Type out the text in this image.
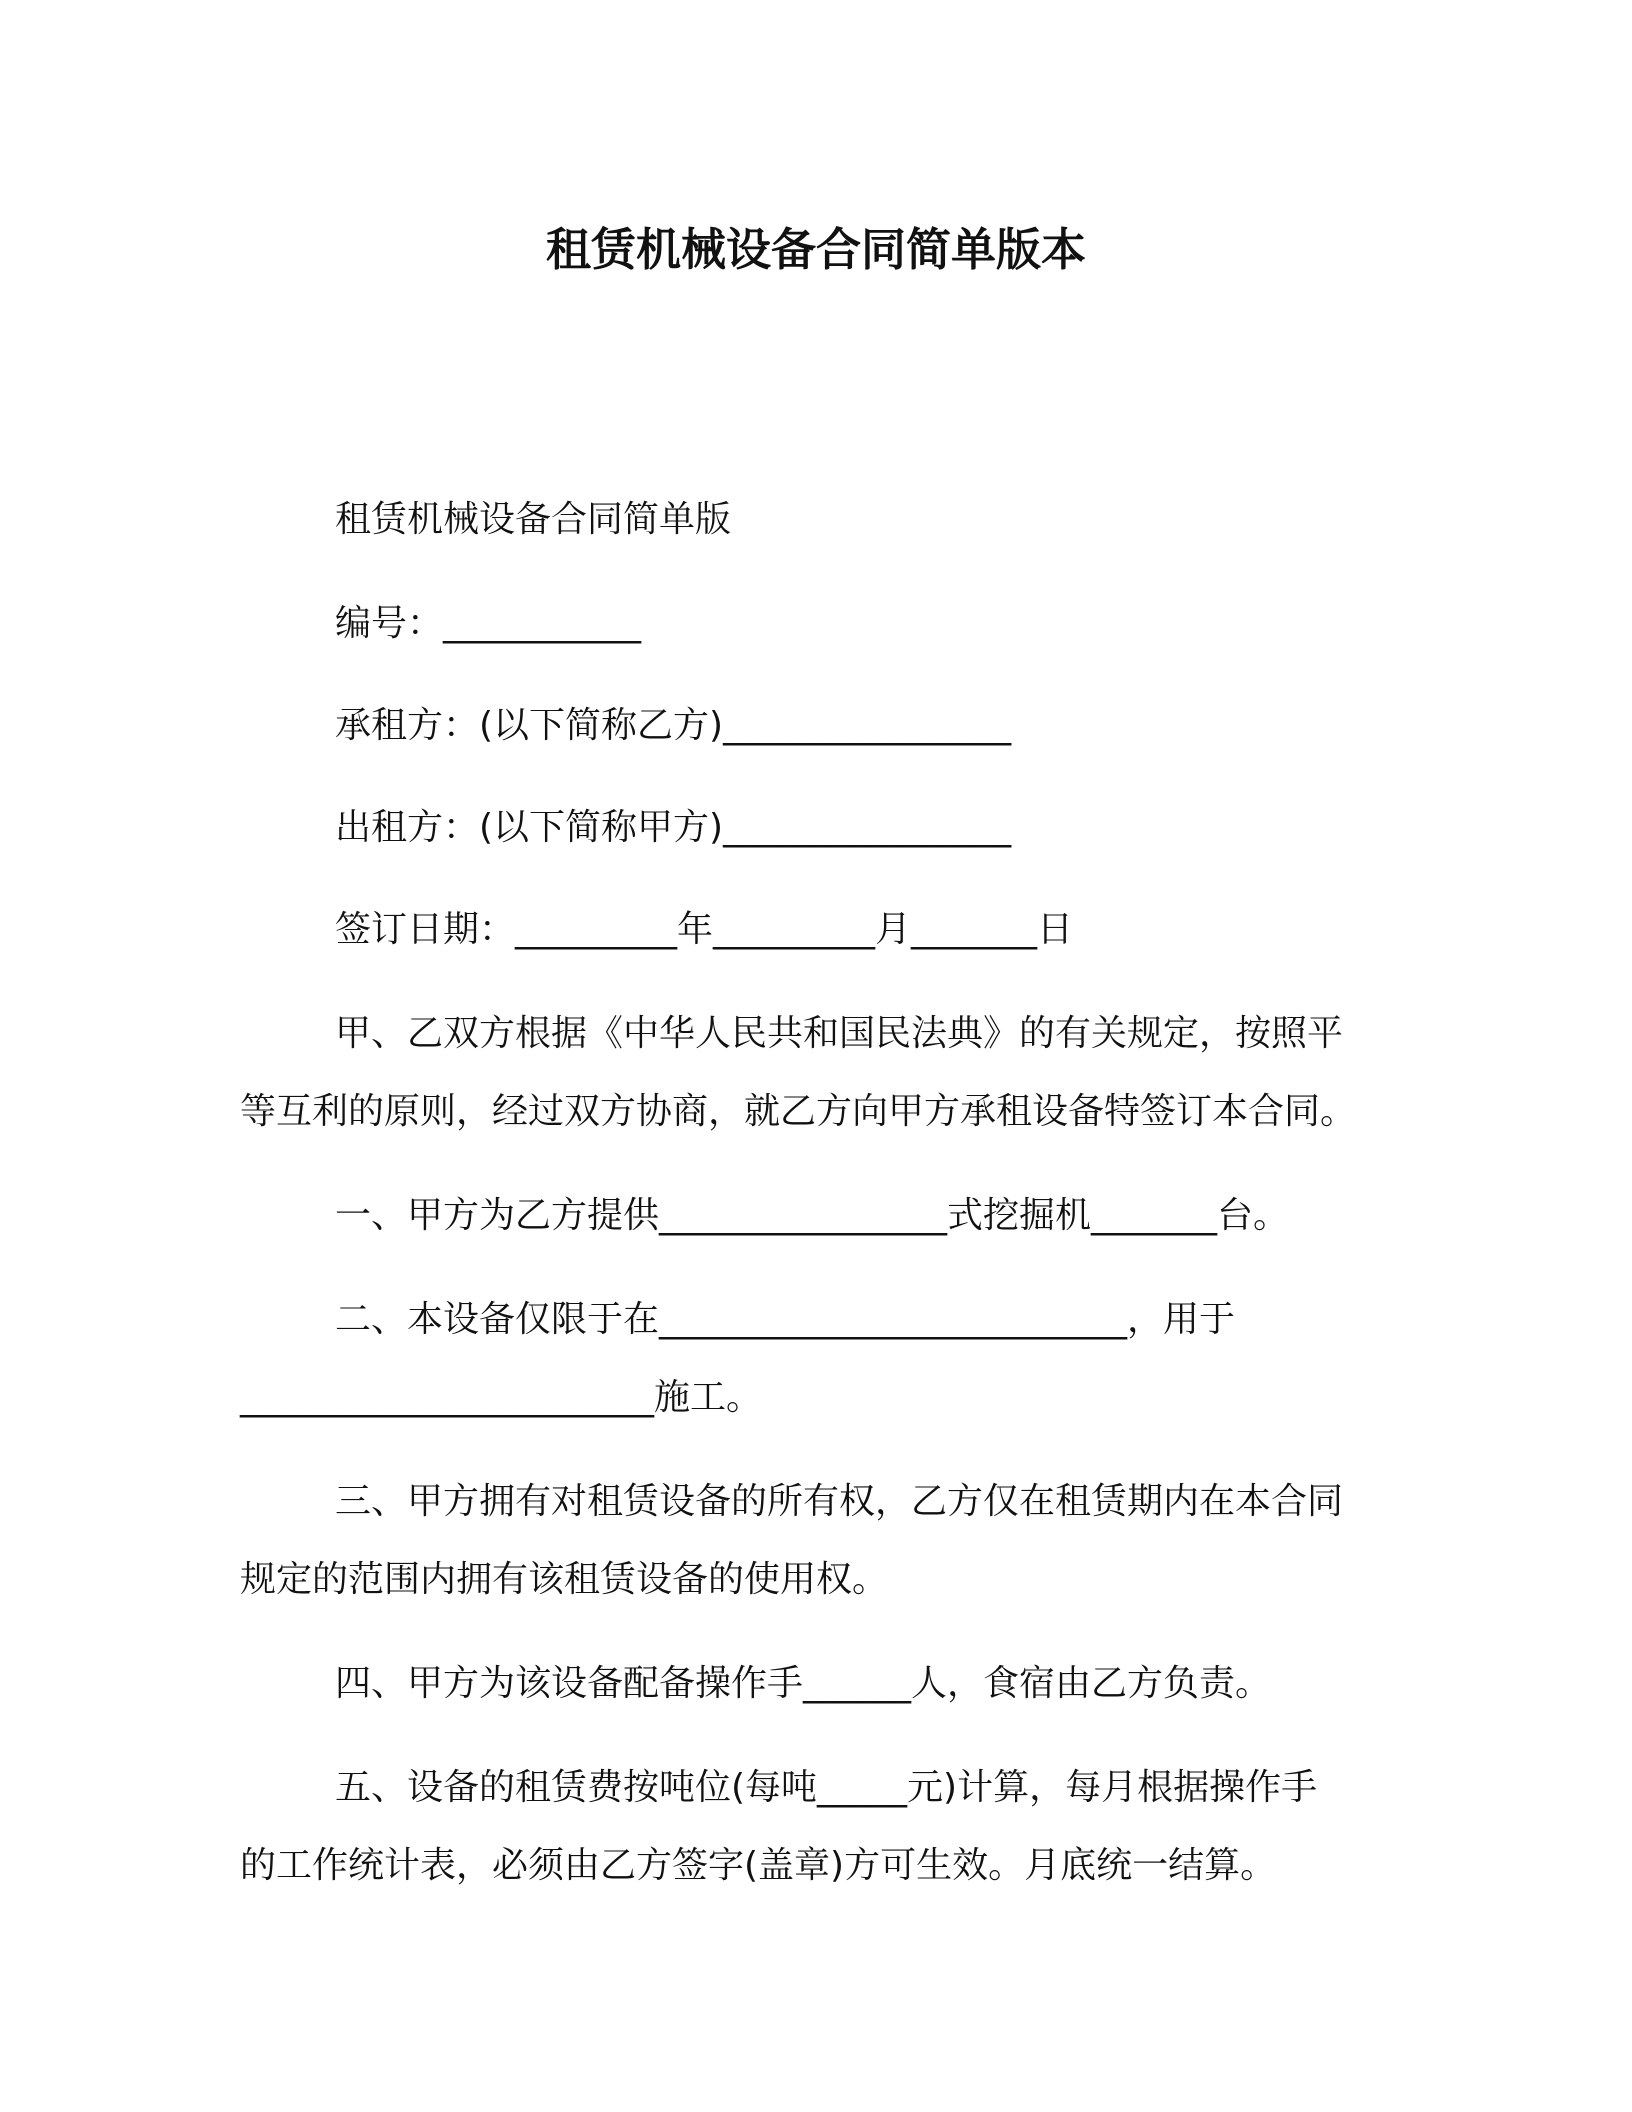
租赁机械设备合同简单版本
租赁机械设备合同简单版
编号：___________
承租方：(以下简称乙方)________________
出租方：(以下简称甲方)________________
签订日期：_________年_________月_______日
甲、乙双方根据《中华人民共和国民法典》的有关规定，按照平
等互利的原则，经过双方协商，就乙方向甲方承租设备特签订本合同。
一、甲方为乙方提供________________式挖掘机_______台。
二、本设备仅限于在__________________________，用于
_______________________施工。
三、甲方拥有对租赁设备的所有权，乙方仅在租赁期内在本合同
规定的范围内拥有该租赁设备的使用权。
四、甲方为该设备配备操作手______人，食宿由乙方负责。
五、设备的租赁费按吨位(每吨_____元)计算，每月根据操作手
的工作统计表，必须由乙方签字(盖章)方可生效。月底统一结算。
